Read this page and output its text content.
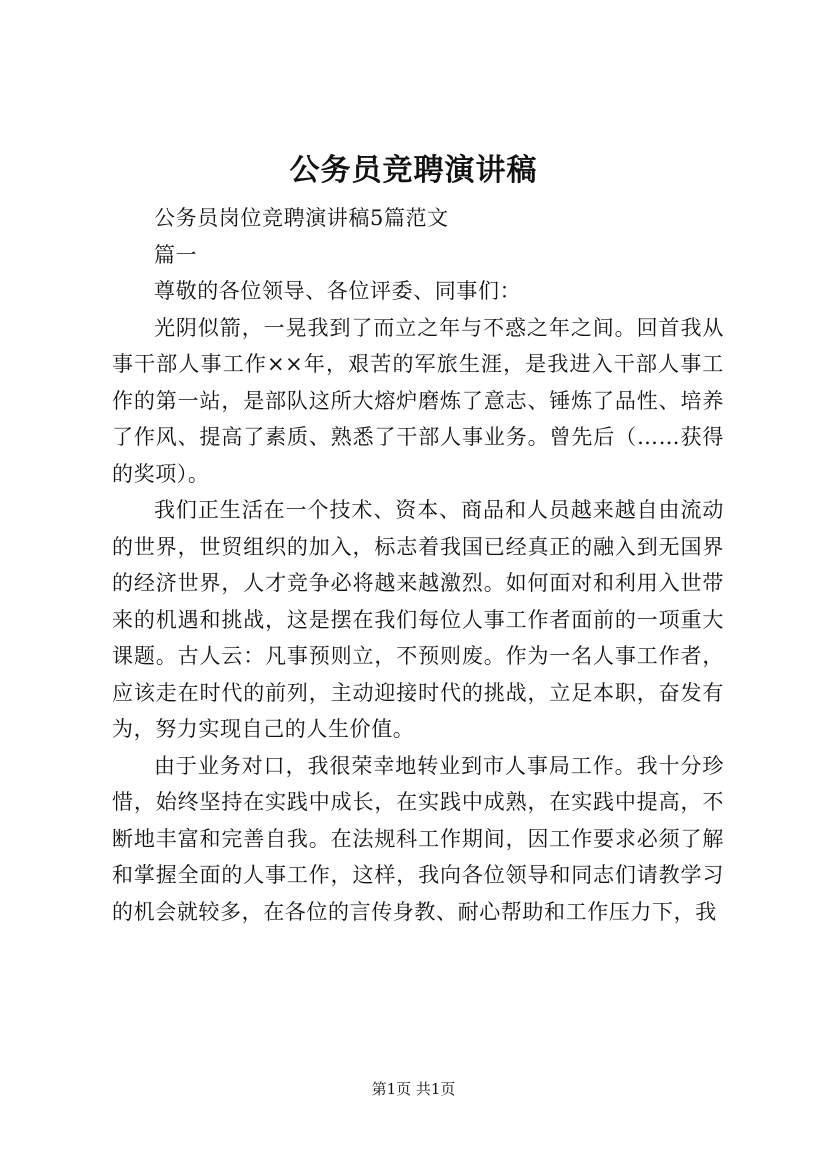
公务员竞聘演讲稿

公务员岗位竞聘演讲稿5篇范文

篇一

尊敬的各位领导、各位评委、同事们：

光阴似箭，一晃我到了而立之年与不惑之年之间。回首我从事干部人事工作××年，艰苦的军旅生涯，是我进入干部人事工作的第一站，是部队这所大熔炉磨炼了意志、锤炼了品性、培养了作风、提高了素质、熟悉了干部人事业务。曾先后（……获得的奖项）。

我们正生活在一个技术、资本、商品和人员越来越自由流动的世界，世贸组织的加入，标志着我国已经真正的融入到无国界的经济世界，人才竞争必将越来越激烈。如何面对和利用入世带来的机遇和挑战，这是摆在我们每位人事工作者面前的一项重大课题。古人云：凡事预则立，不预则废。作为一名人事工作者，应该走在时代的前列，主动迎接时代的挑战，立足本职，奋发有为，努力实现自己的人生价值。

由于业务对口，我很荣幸地转业到市人事局工作。我十分珍惜，始终坚持在实践中成长，在实践中成熟，在实践中提高，不断地丰富和完善自我。在法规科工作期间，因工作要求必须了解和掌握全面的人事工作，这样，我向各位领导和同志们请教学习的机会就较多，在各位的言传身教、耐心帮助和工作压力下，我

第1页 共1页
